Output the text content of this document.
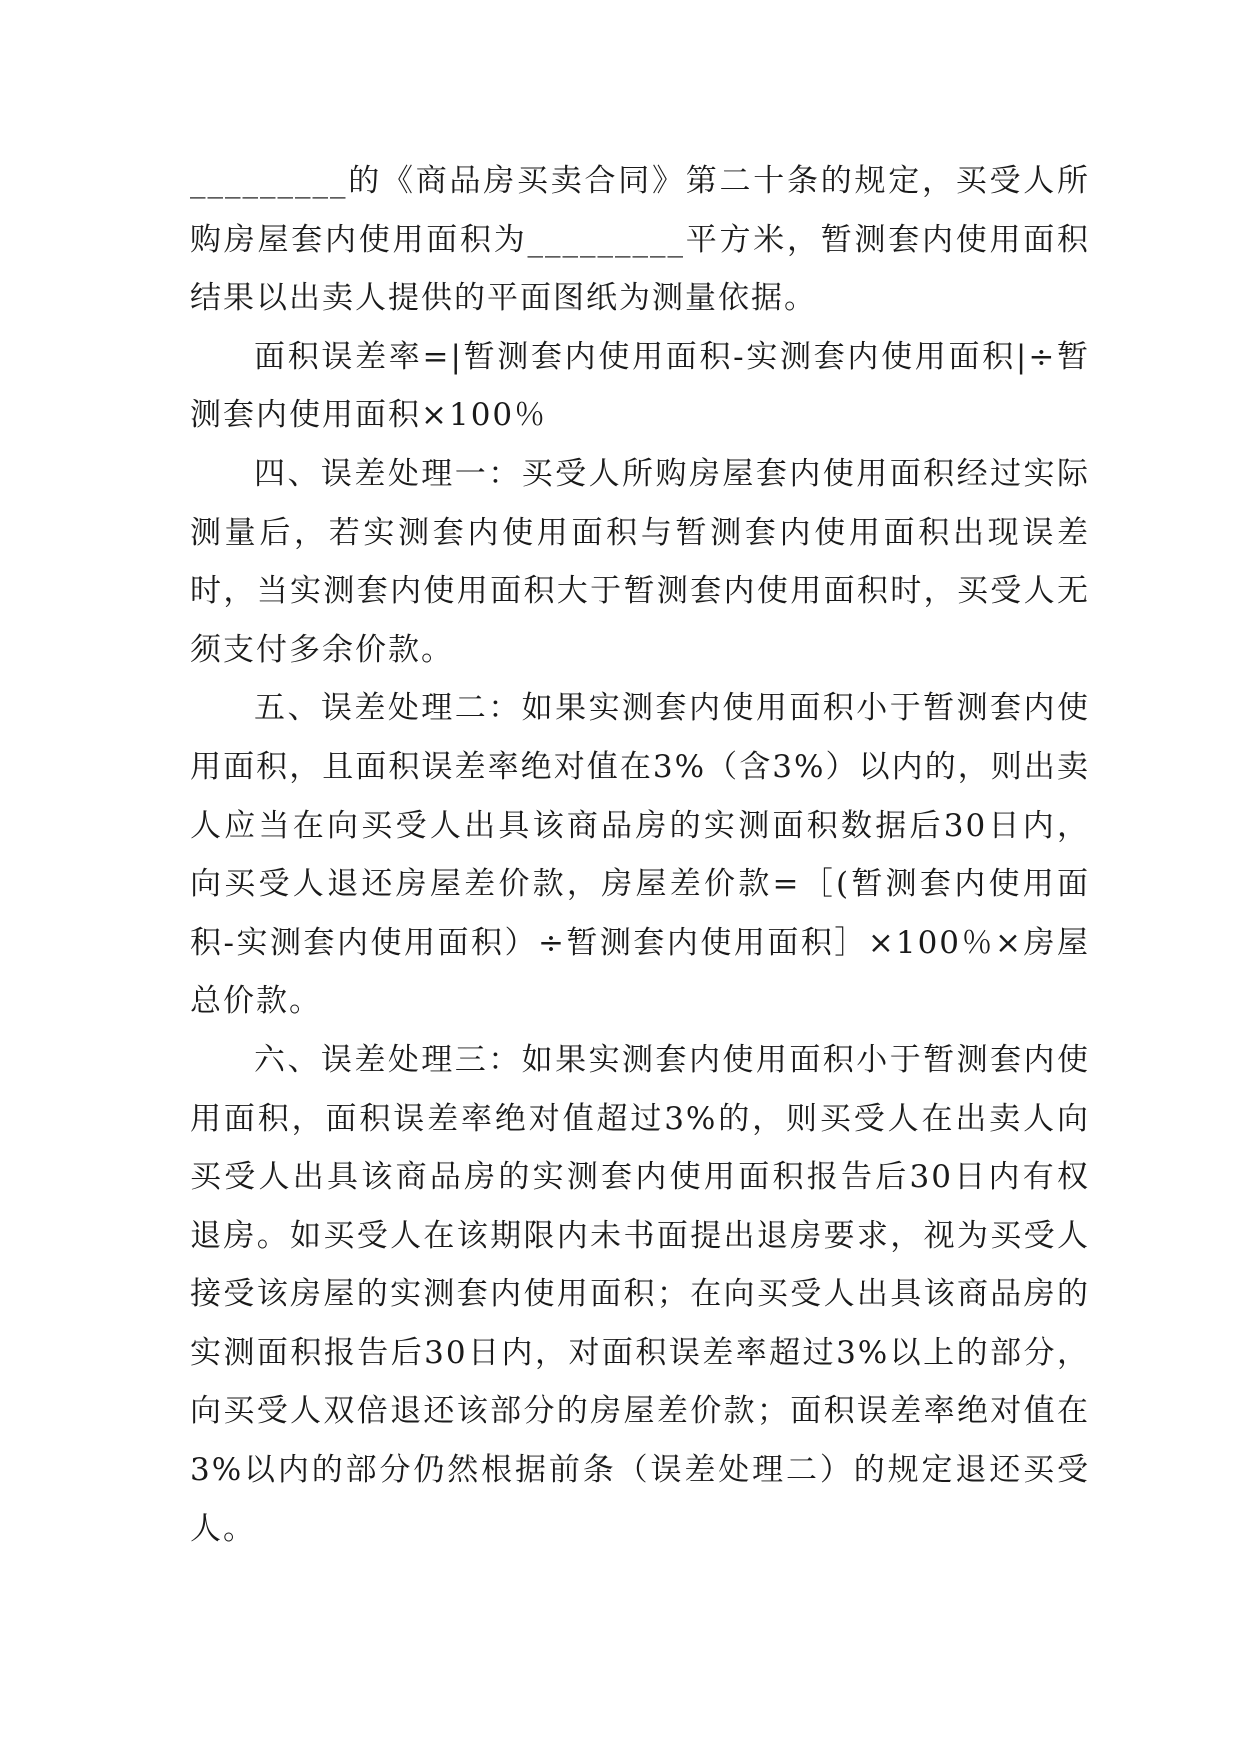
_________的《商品房买卖合同》第二十条的规定，买受人所购房屋套内使用面积为_________平方米，暂测套内使用面积结果以出卖人提供的平面图纸为测量依据。

面积误差率=|暂测套内使用面积-实测套内使用面积|÷暂测套内使用面积×100％

四、误差处理一：买受人所购房屋套内使用面积经过实际测量后，若实测套内使用面积与暂测套内使用面积出现误差时，当实测套内使用面积大于暂测套内使用面积时，买受人无须支付多余价款。

五、误差处理二：如果实测套内使用面积小于暂测套内使用面积，且面积误差率绝对值在3%（含3%）以内的，则出卖人应当在向买受人出具该商品房的实测面积数据后30日内，向买受人退还房屋差价款，房屋差价款=［(暂测套内使用面积-实测套内使用面积）÷暂测套内使用面积］×100％×房屋总价款。

六、误差处理三：如果实测套内使用面积小于暂测套内使用面积，面积误差率绝对值超过3%的，则买受人在出卖人向买受人出具该商品房的实测套内使用面积报告后30日内有权退房。如买受人在该期限内未书面提出退房要求，视为买受人接受该房屋的实测套内使用面积；在向买受人出具该商品房的实测面积报告后30日内，对面积误差率超过3%以上的部分，向买受人双倍退还该部分的房屋差价款；面积误差率绝对值在3%以内的部分仍然根据前条（误差处理二）的规定退还买受人。
